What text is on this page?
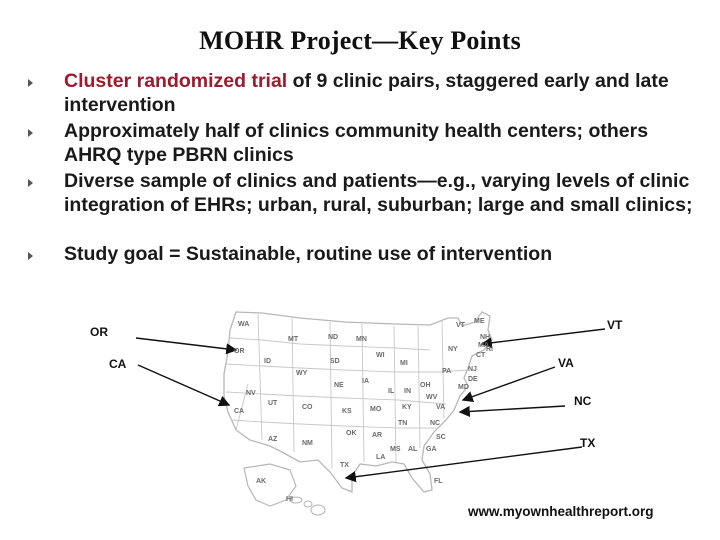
MOHR Project—Key Points
Cluster randomized trial of 9 clinic pairs, staggered early and late intervention
Approximately half of clinics community health centers; others AHRQ type PBRN clinics
Diverse sample of clinics and patients—e.g., varying levels of clinic integration of EHRs; urban, rural, suburban; large and small clinics;
Study goal = Sustainable, routine use of intervention
OR
CA
VT
VA
NC
TX
WA
MT	ND	MN
OR
ID	SD
WY
WI
MI
NY
NE
IA
NV
UT
CO
IL IN
OH
PA
CA	KS	MO	KY
WV
VA
MD
DE
NJ
CT
RI
MA
NH
VT
ME
TN	NC
OK AR	SC
AZ
NM
MS AL GA
TX
LA
FL
AK
HI
www.myownhealthreport.org
